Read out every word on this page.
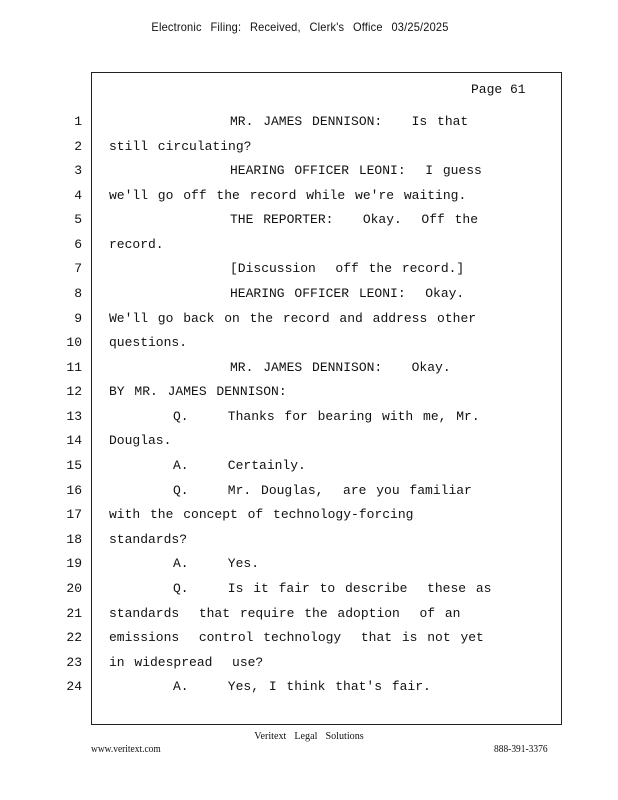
Electronic Filing: Received, Clerk's Office 03/25/2025
Page 61
1	MR. JAMES DENNISON:   Is that
2 still circulating?
3	HEARING OFFICER LEONI:  I guess
4 we'll go off the record while we're waiting.
5	THE REPORTER:   Okay.  Off the
6 record.
7	[Discussion  off the record.]
8	HEARING OFFICER LEONI:  Okay.
9 We'll go back on the record and address other
10 questions.
11	MR. JAMES DENNISON:   Okay.
12 BY MR. JAMES DENNISON:
13	Q.    Thanks for bearing with me, Mr.
14 Douglas.
15	A.    Certainly.
16	Q.    Mr. Douglas,  are you familiar
17 with the concept of technology-forcing
18 standards?
19	A.    Yes.
20	Q.    Is it fair to describe  these as
21 standards  that require the adoption  of an
22 emissions  control technology  that is not yet
23 in widespread  use?
24	A.    Yes, I think that's fair.
Veritext Legal Solutions
www.veritext.com	888-391-3376
